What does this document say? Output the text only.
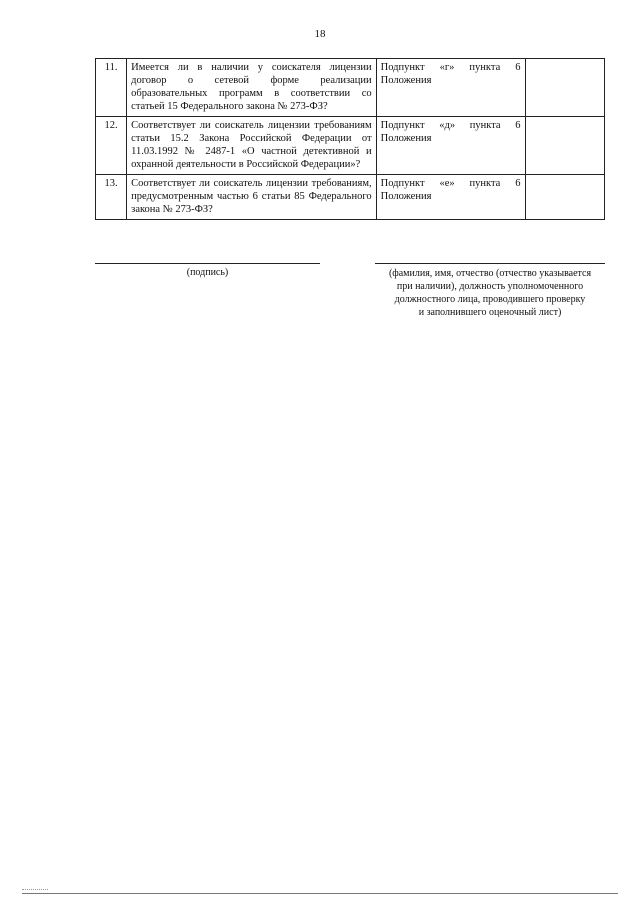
18
11.	Имеется ли в наличии у соискателя лицензии договор о сетевой форме реализации образовательных программ в соответствии со статьей 15 Федерального закона № 273-ФЗ?	Подпункт «г» пункта 6
Положения	

12.	Соответствует ли соискатель лицензии требованиям статьи 15.2 Закона Российской Федерации от 11.03.1992 № 2487-1 «О частной детективной и охранной деятельности в Российской Федерации»?	Подпункт «д» пункта 6
Положения	

13.	Соответствует ли соискатель лицензии требованиям, предусмотренным частью 6 статьи 85 Федерального закона № 273-ФЗ?	Подпункт «е» пункта 6
Положения	

(подпись)	(фамилия, имя, отчество (отчество указывается
при наличии), должность уполномоченного
должностного лица, проводившего проверку
и заполнившего оценочный лист)
